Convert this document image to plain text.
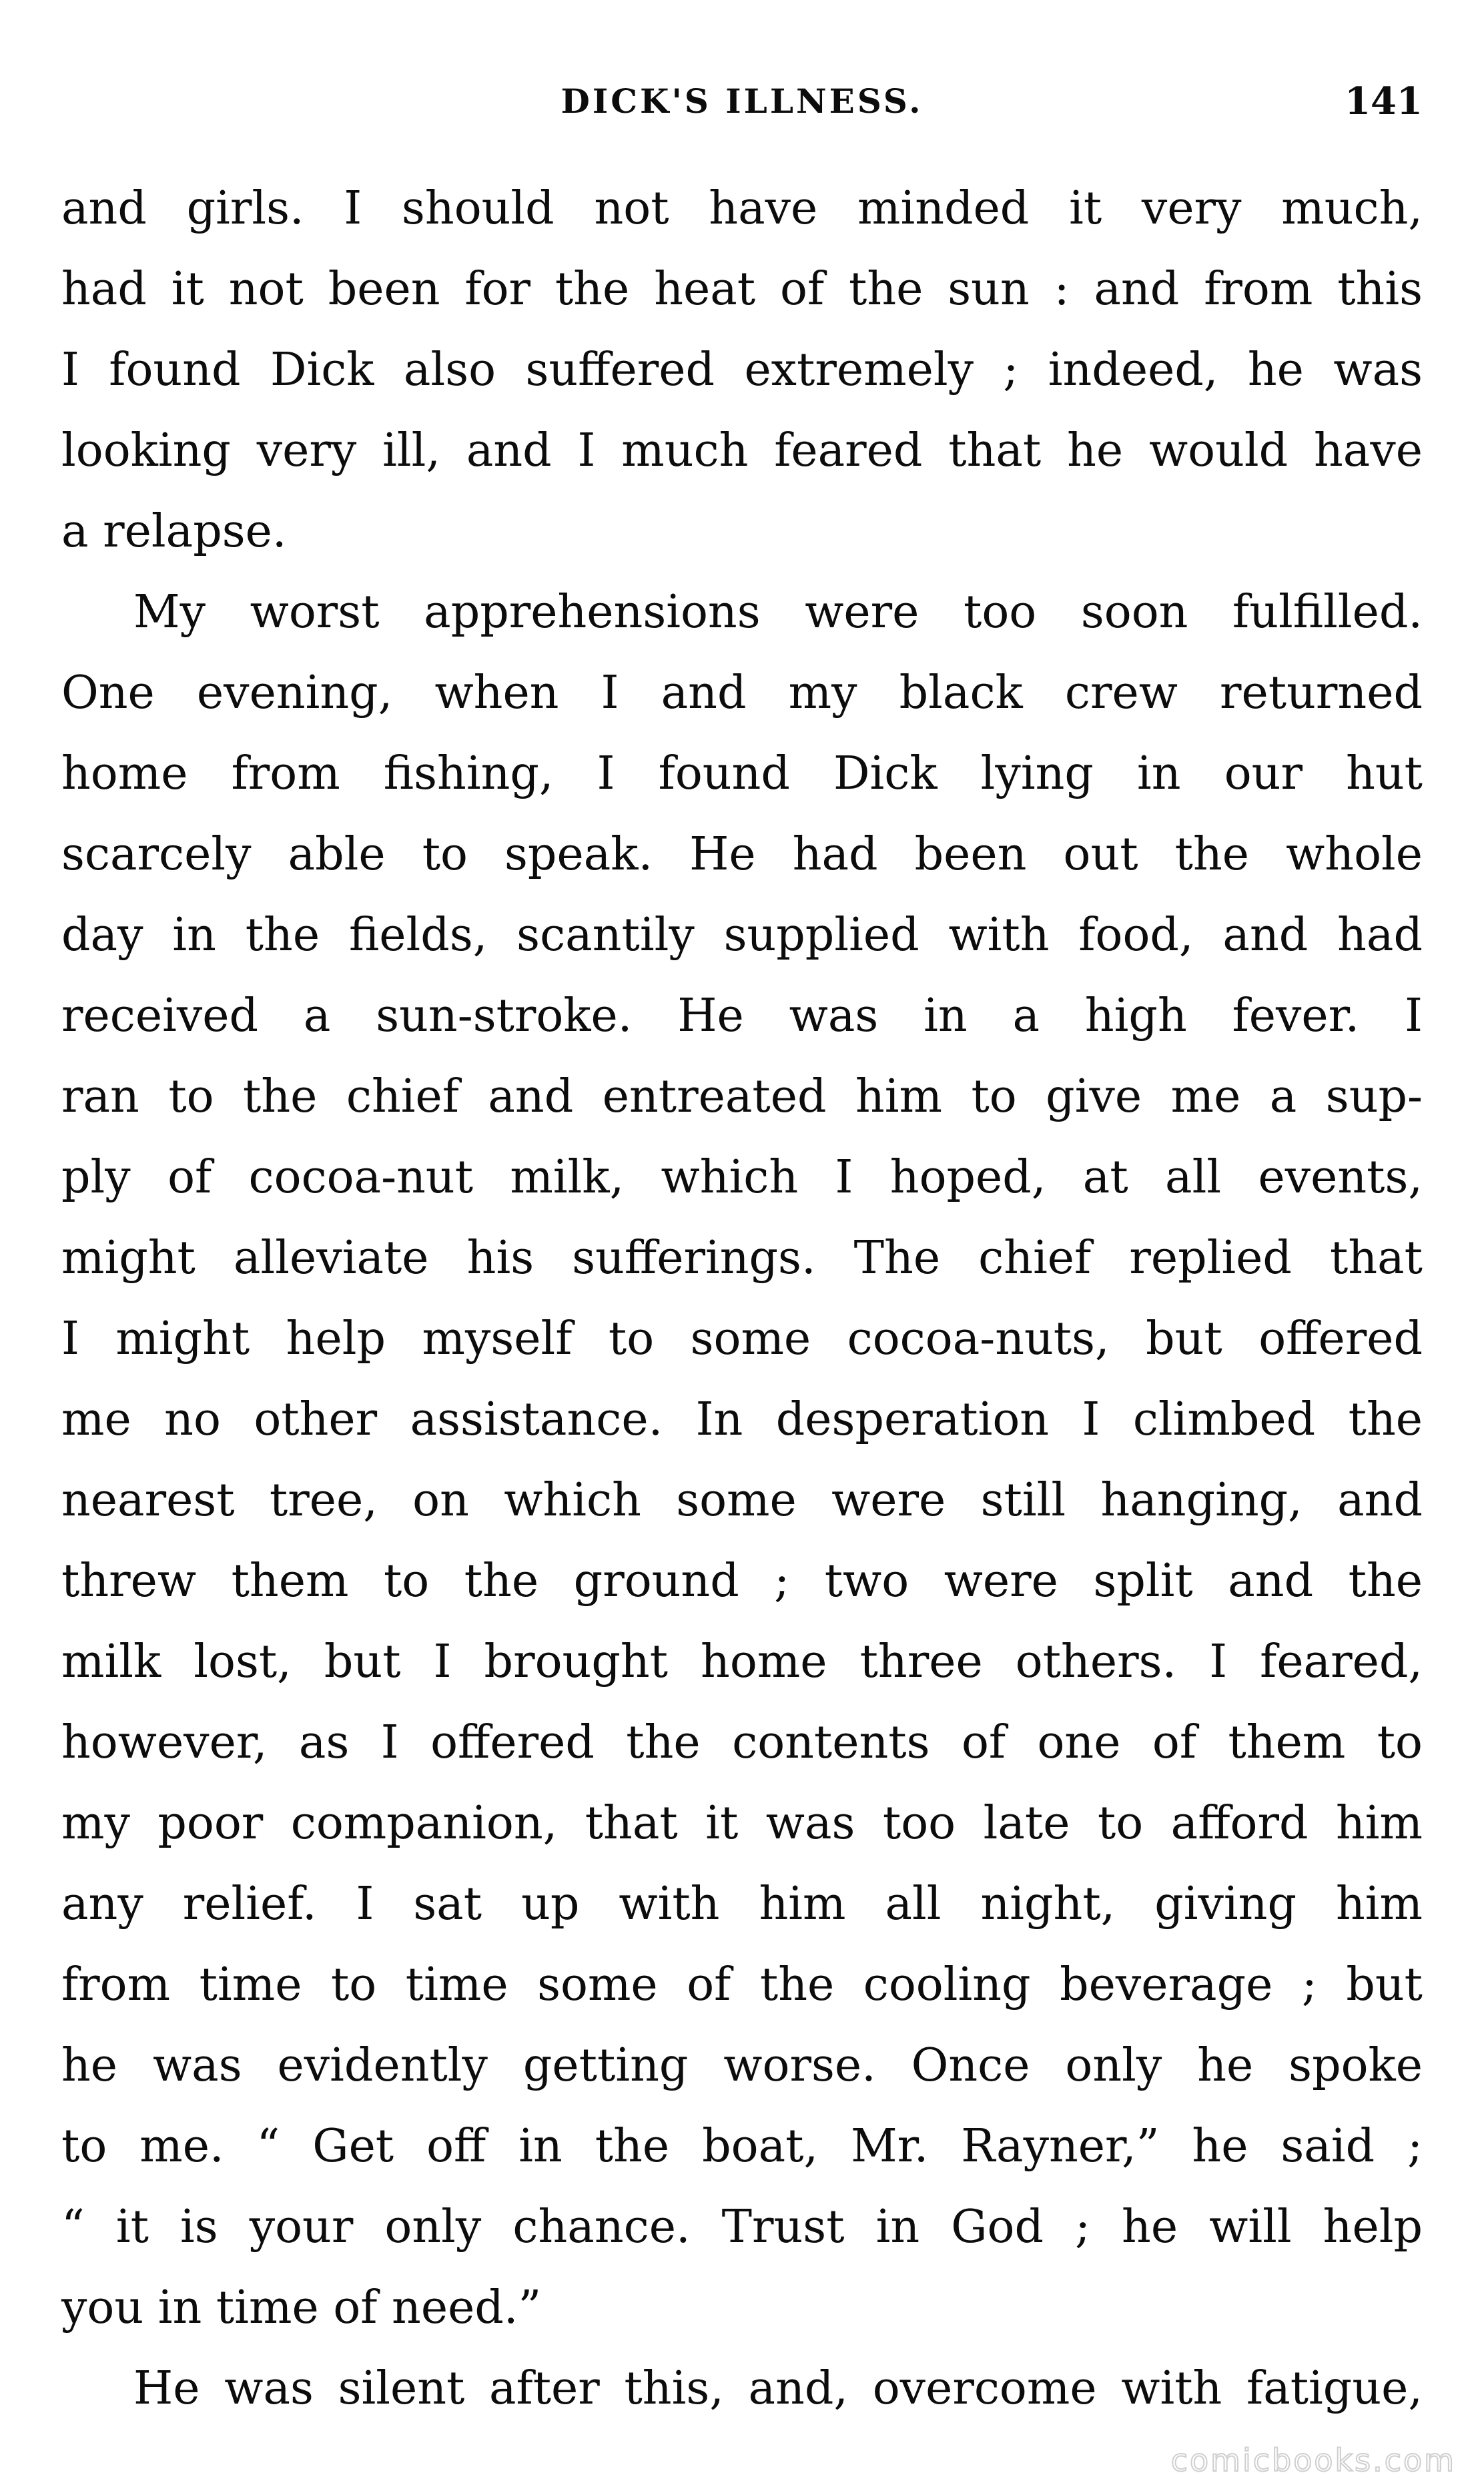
DICK'S ILLNESS.	141
and girls. I should not have minded it very much,
had it not been for the heat of the sun : and from this
I found Dick also suffered extremely ; indeed, he was
looking very ill, and I much feared that he would have
a relapse.
My worst apprehensions were too soon fulfilled.
One evening, when I and my black crew returned
home from fishing, I found Dick lying in our hut
scarcely able to speak. He had been out the whole
day in the fields, scantily supplied with food, and had
received a sun-stroke. He was in a high fever. I
ran to the chief and entreated him to give me a sup-
ply of cocoa-nut milk, which I hoped, at all events,
might alleviate his sufferings. The chief replied that
I might help myself to some cocoa-nuts, but offered
me no other assistance. In desperation I climbed the
nearest tree, on which some were still hanging, and
threw them to the ground ; two were split and the
milk lost, but I brought home three others. I feared,
however, as I offered the contents of one of them to
my poor companion, that it was too late to afford him
any relief. I sat up with him all night, giving him
from time to time some of the cooling beverage ; but
he was evidently getting worse. Once only he spoke
to me. “ Get off in the boat, Mr. Rayner,” he said ;
“ it is your only chance. Trust in God ; he will help
you in time of need.”
He was silent after this, and, overcome with fatigue,
comicbooks.com
